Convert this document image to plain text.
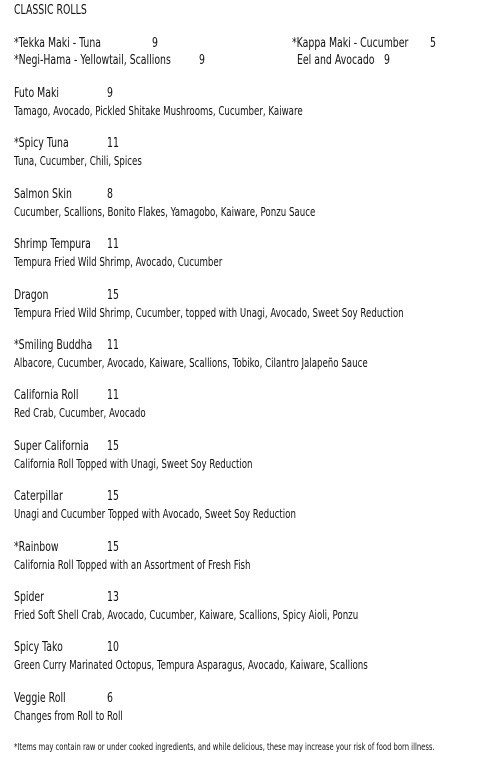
CLASSIC ROLLS
*Tekka Maki - Tuna	9	*Kappa Maki - Cucumber 5
*Negi-Hama - Yellowtail, Scallions 9	Eel and Avocado 9
Futo Maki	9
Tamago, Avocado, Pickled Shitake Mushrooms, Cucumber, Kaiware
*Spicy Tuna	11
Tuna, Cucumber, Chili, Spices
Salmon Skin	8
Cucumber, Scallions, Bonito Flakes, Yamagobo, Kaiware, Ponzu Sauce
Shrimp Tempura 11
Tempura Fried Wild Shrimp, Avocado, Cucumber
Dragon	15
Tempura Fried Wild Shrimp, Cucumber, topped with Unagi, Avocado, Sweet Soy Reduction
*Smiling Buddha 11
Albacore, Cucumber, Avocado, Kaiware, Scallions, Tobiko, Cilantro Jalapeño Sauce
California Roll 11
Red Crab, Cucumber, Avocado
Super California 15
California Roll Topped with Unagi, Sweet Soy Reduction
Caterpillar	15
Unagi and Cucumber Topped with Avocado, Sweet Soy Reduction
*Rainbow	15
California Roll Topped with an Assortment of Fresh Fish
Spider	13
Fried Soft Shell Crab, Avocado, Cucumber, Kaiware, Scallions, Spicy Aioli, Ponzu
Spicy Tako	10
Green Curry Marinated Octopus, Tempura Asparagus, Avocado, Kaiware, Scallions
Veggie Roll	6
Changes from Roll to Roll
*Items may contain raw or under cooked ingredients, and while delicious, these may increase your risk of food born illness.
